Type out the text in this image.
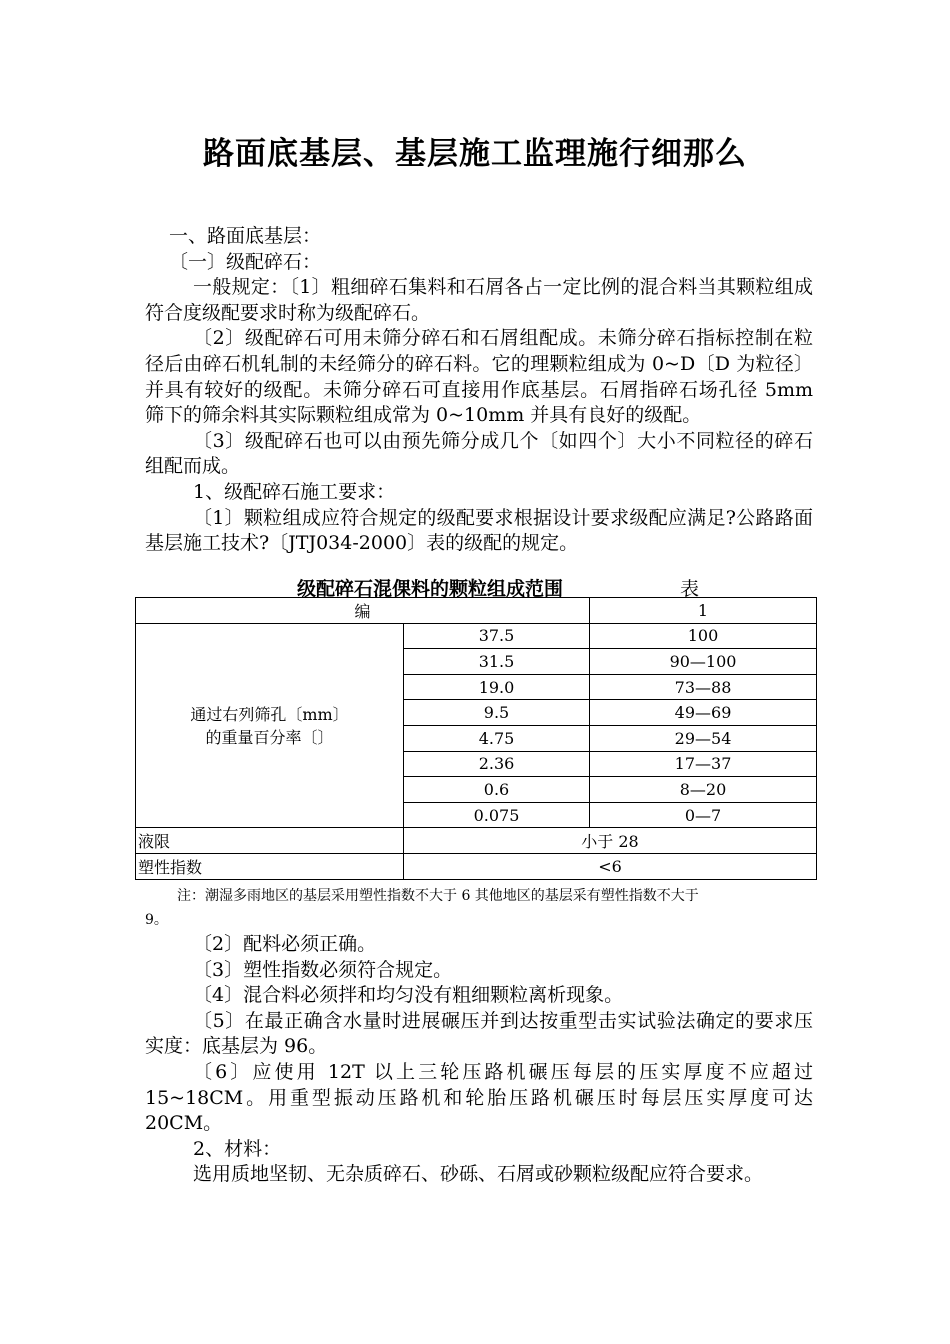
路面底基层、基层施工监理施行细那么

一、路面底基层：

〔一〕级配碎石：

一般规定：〔1〕粗细碎石集料和石屑各占一定比例的混合料当其颗粒组成符合度级配要求时称为级配碎石。

〔2〕级配碎石可用未筛分碎石和石屑组配成。未筛分碎石指标控制在粒径后由碎石机轧制的未经筛分的碎石料。它的理颗粒组成为 0~D〔D 为粒径〕并具有较好的级配。未筛分碎石可直接用作底基层。石屑指碎石场孔径 5mm 筛下的筛余料其实际颗粒组成常为 0~10mm 并具有良好的级配。

〔3〕级配碎石也可以由预先筛分成几个〔如四个〕大小不同粒径的碎石组配而成。

1、级配碎石施工要求：

〔1〕颗粒组成应符合规定的级配要求根据设计要求级配应满足?公路路面基层施工技术?〔JTJ034-2000〕表的级配的规定。

级配碎石混倮料的颗粒组成范围	表
编		1

通过右列筛孔〔mm〕
的重量百分率〔〕	37.5	100
	31.5	90—100
	19.0	73—88
	9.5	49—69
	4.75	29—54
	2.36	17—37
	0.6	8—20
	0.075	0—7
液限	小于 28	
塑性指数	<6	

注：潮湿多雨地区的基层采用塑性指数不大于 6 其他地区的基层采有塑性指数不大于

9。

〔2〕配料必须正确。

〔3〕塑性指数必须符合规定。

〔4〕混合料必须拌和均匀没有粗细颗粒离析现象。

〔5〕在最正确含水量时进展碾压并到达按重型击实试验法确定的要求压实度：底基层为 96。

〔6〕应使用 12T 以上三轮压路机碾压每层的压实厚度不应超过 15~18CM。用重型振动压路机和轮胎压路机碾压时每层压实厚度可达 20CM。

2、材料：

选用质地坚韧、无杂质碎石、砂砾、石屑或砂颗粒级配应符合要求。
